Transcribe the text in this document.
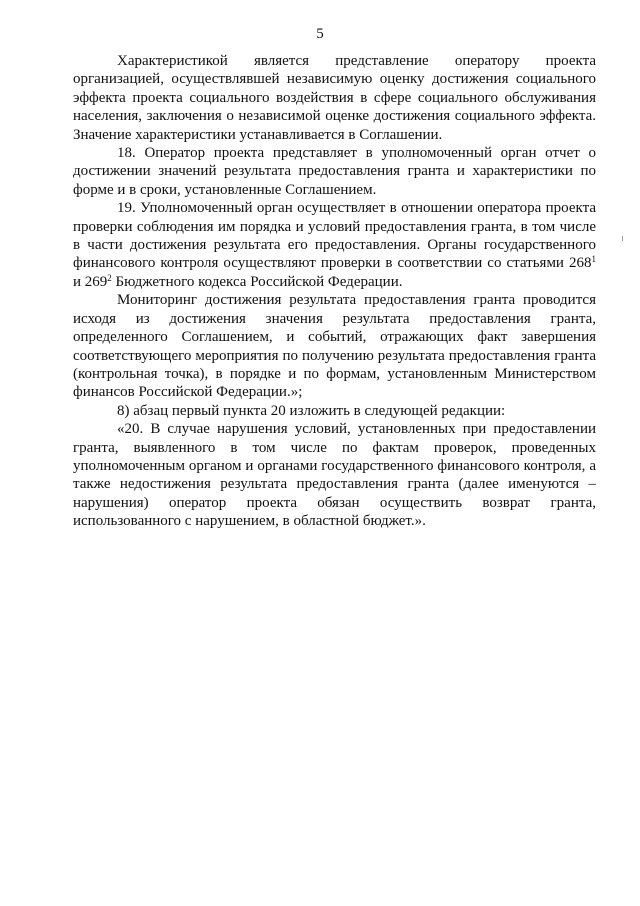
5

Характеристикой является представление оператору проекта организацией, осуществлявшей независимую оценку достижения социального эффекта проекта социального воздействия в сфере социального обслуживания населения, заключения о независимой оценке достижения социального эффекта. Значение характеристики устанавливается в Соглашении.

18. Оператор проекта представляет в уполномоченный орган отчет о достижении значений результата предоставления гранта и характеристики по форме и в сроки, установленные Соглашением.

19. Уполномоченный орган осуществляет в отношении оператора проекта проверки соблюдения им порядка и условий предоставления гранта, в том числе в части достижения результата его предоставления. Органы государственного финансового контроля осуществляют проверки в соответствии со статьями $268^1$ и $269^2$ Бюджетного кодекса Российской Федерации.

Мониторинг достижения результата предоставления гранта проводится исходя из достижения значения результата предоставления гранта, определенного Соглашением, и событий, отражающих факт завершения соответствующего мероприятия по получению результата предоставления гранта (контрольная точка), в порядке и по формам, установленным Министерством финансов Российской Федерации.»;

8) абзац первый пункта 20 изложить в следующей редакции:

«20. В случае нарушения условий, установленных при предоставлении гранта, выявленного в том числе по фактам проверок, проведенных уполномоченным органом и органами государственного финансового контроля, а также недостижения результата предоставления гранта (далее именуются – нарушения) оператор проекта обязан осуществить возврат гранта, использованного с нарушением, в областной бюджет.».
